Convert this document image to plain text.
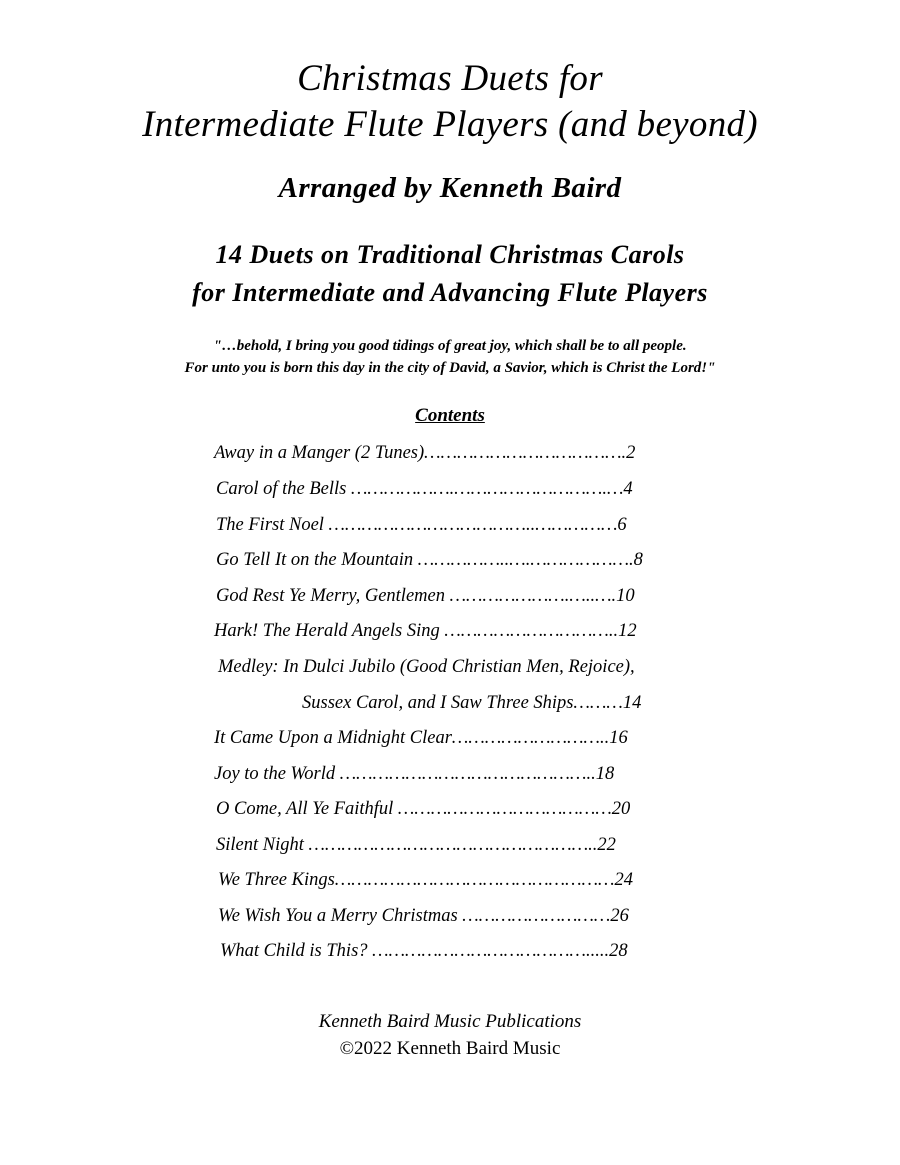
Christmas Duets for
Intermediate Flute Players (and beyond)
Arranged by Kenneth Baird
14 Duets on Traditional Christmas Carols
for Intermediate and Advancing Flute Players
"…behold, I bring you good tidings of great joy, which shall be to all people.
For unto you is born this day in the city of David, a Savior, which is Christ the Lord!"
Contents
Away in a Manger (2 Tunes)……………………………….2
Carol of the Bells ……………….……………………….…4
The First Noel ………………………………..……………6
Go Tell It on the Mountain ……………..….……………….8
God Rest Ye Merry, Gentlemen ………………….…..….10
Hark! The Herald Angels Sing …………………………..12
Medley: In Dulci Jubilo (Good Christian Men, Rejoice),
Sussex Carol, and I Saw Three Ships………14
It Came Upon a Midnight Clear………………………..16
Joy to the World ………………………………………..18
O Come, All Ye Faithful …………………………………20
Silent Night ……………………………………………..22
We Three Kings……………………………………………24
We Wish You a Merry Christmas ………………………26
What Child is This? ………………………………….....28
Kenneth Baird Music Publications
©2022 Kenneth Baird Music
